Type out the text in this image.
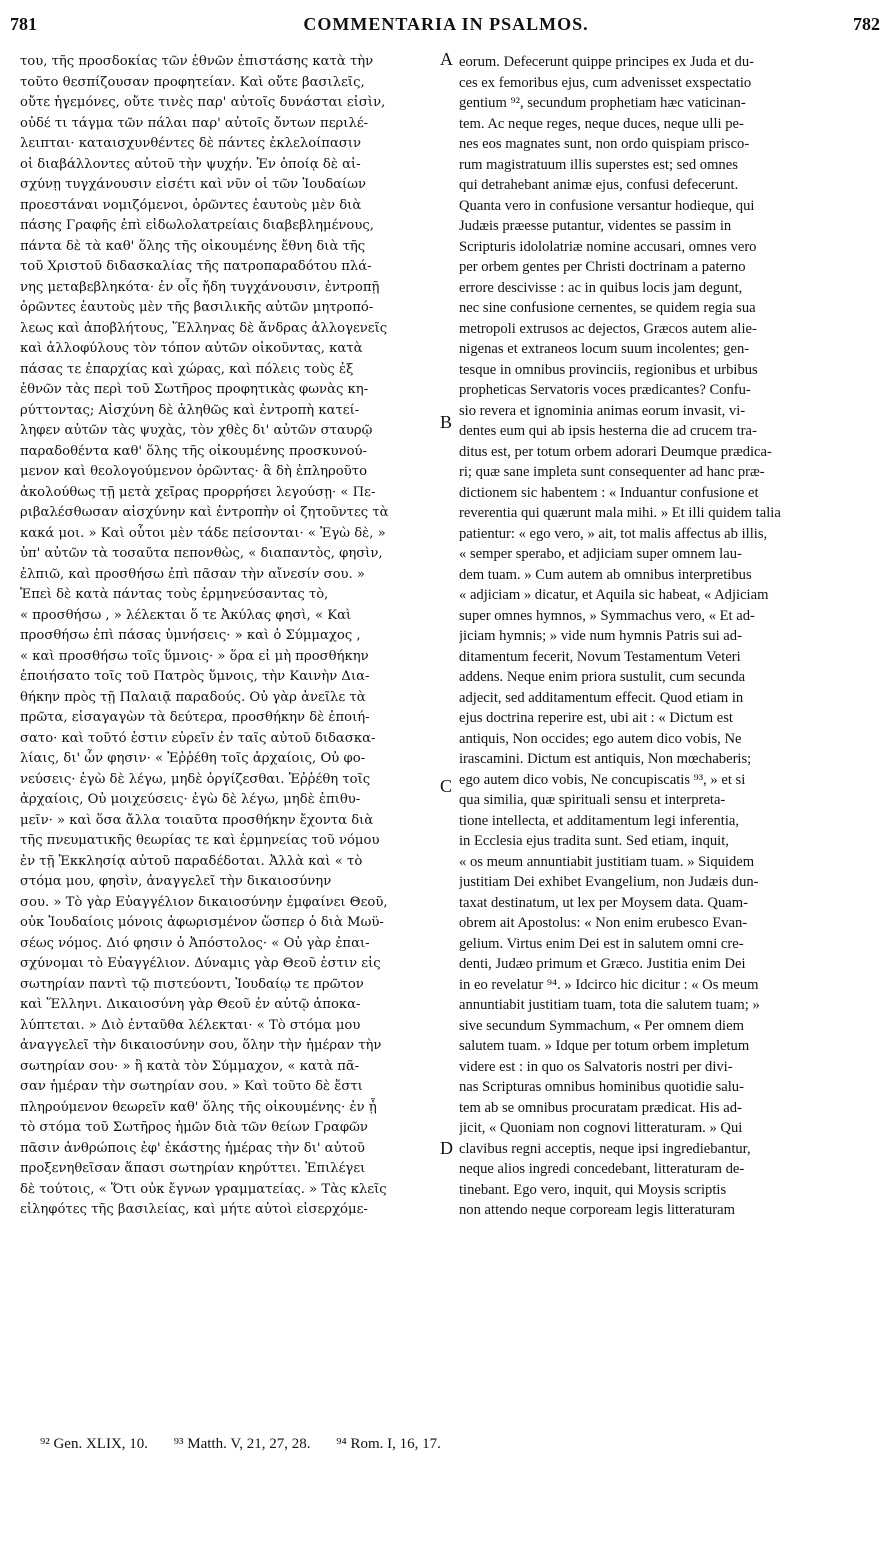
781	COMMENTARIA IN PSALMOS.	782
του, τῆς προσδοκίας τῶν ἐθνῶν ἐπιστάσης κατὰ τὴν
τοῦτο θεσπίζουσαν προφητείαν. Καὶ οὔτε βασιλεῖς,
οὔτε ἡγεμόνες, οὔτε τινὲς παρ' αὐτοῖς δυνάσται εἰσὶν,
οὐδέ τι τάγμα τῶν πάλαι παρ' αὐτοῖς ὄντων περιλέ-
λειπται· καταισχυνθέντες δὲ πάντες ἐκλελοίπασιν
οἱ διαβάλλοντες αὐτοῦ τὴν ψυχήν. Ἐν ὁποίᾳ δὲ αἰ-
σχύνῃ τυγχάνουσιν εἰσέτι καὶ νῦν οἱ τῶν Ἰουδαίων
προεστάναι νομιζόμενοι, ὁρῶντες ἑαυτοὺς μὲν διὰ
πάσης Γραφῆς ἐπὶ εἰδωλολατρείαις διαβεβλημένους,
πάντα δὲ τὰ καθ' ὅλης τῆς οἰκουμένης ἔθνη διὰ τῆς
τοῦ Χριστοῦ διδασκαλίας τῆς πατροπαραδότου πλά-
νης μεταβεβληκότα· ἐν οἷς ἤδη τυγχάνουσιν, ἐντροπῇ
ὁρῶντες ἑαυτοὺς μὲν τῆς βασιλικῆς αὐτῶν μητροπό-
λεως καὶ ἀποβλήτους, Ἕλληνας δὲ ἄνδρας ἀλλογενεῖς
καὶ ἀλλοφύλους τὸν τόπον αὐτῶν οἰκοῦντας, κατὰ
πάσας τε ἐπαρχίας καὶ χώρας, καὶ πόλεις τοὺς ἐξ
ἐθνῶν τὰς περὶ τοῦ Σωτῆρος προφητικὰς φωνὰς κη-
ρύττοντας; Αἰσχύνη δὲ ἀληθῶς καὶ ἐντροπὴ κατεί-
ληφεν αὐτῶν τὰς ψυχὰς, τὸν χθὲς δι' αὐτῶν σταυρῷ
παραδοθέντα καθ' ὅλης τῆς οἰκουμένης προσκυνού-
μενον καὶ θεολογούμενον ὁρῶντας· ἃ δὴ ἐπληροῦτο
ἀκολούθως τῇ μετὰ χεῖρας προρρήσει λεγούσῃ· « Πε-
ριβαλέσθωσαν αἰσχύνην καὶ ἐντροπὴν οἱ ζητοῦντες τὰ
κακά μοι. » Καὶ οὗτοι μὲν τάδε πείσονται· « Ἐγὼ δὲ, »
ὑπ' αὐτῶν τὰ τοσαῦτα πεπονθὼς, « διαπαντὸς, φησὶν,
ἐλπιῶ, καὶ προσθήσω ἐπὶ πᾶσαν τὴν αἴνεσίν σου. »
Ἐπεὶ δὲ κατὰ πάντας τοὺς ἑρμηνεύσαντας τὸ,
« προσθήσω , » λέλεκται ὅ τε Ἀκύλας φησὶ, « Καὶ
προσθήσω ἐπὶ πάσας ὑμνήσεις· » καὶ ὁ Σύμμαχος ,
« καὶ προσθήσω τοῖς ὕμνοις· » ὅρα εἰ μὴ προσθήκην
ἐποιήσατο τοῖς τοῦ Πατρὸς ὕμνοις, τὴν Καινὴν Δια-
θήκην πρὸς τῇ Παλαιᾷ παραδούς. Οὐ γὰρ ἀνεῖλε τὰ
πρῶτα, εἰσαγαγὼν τὰ δεύτερα, προσθήκην δὲ ἐποιή-
σατο· καὶ τοῦτό ἐστιν εὑρεῖν ἐν ταῖς αὐτοῦ διδασκα-
λίαις, δι' ὧν φησιν· « Ἐῤῥέθη τοῖς ἀρχαίοις, Οὐ φο-
νεύσεις· ἐγὼ δὲ λέγω, μηδὲ ὀργίζεσθαι. Ἐῤῥέθη τοῖς
ἀρχαίοις, Οὐ μοιχεύσεις· ἐγὼ δὲ λέγω, μηδὲ ἐπιθυ-
μεῖν· » καὶ ὅσα ἄλλα τοιαῦτα προσθήκην ἔχοντα διὰ
τῆς πνευματικῆς θεωρίας τε καὶ ἑρμηνείας τοῦ νόμου
ἐν τῇ Ἐκκλησίᾳ αὐτοῦ παραδέδοται. Ἀλλὰ καὶ « τὸ
στόμα μου, φησὶν, ἀναγγελεῖ τὴν δικαιοσύνην
σου. » Τὸ γὰρ Εὐαγγέλιον δικαιοσύνην ἐμφαίνει Θεοῦ,
οὐκ Ἰουδαίοις μόνοις ἀφωρισμένον ὥσπερ ὁ διὰ Μωϋ-
σέως νόμος. Διό φησιν ὁ Ἀπόστολος· « Οὐ γὰρ ἐπαι-
σχύνομαι τὸ Εὐαγγέλιον. Δύναμις γὰρ Θεοῦ ἐστιν εἰς
σωτηρίαν παντὶ τῷ πιστεύοντι, Ἰουδαίῳ τε πρῶτον
καὶ Ἕλληνι. Δικαιοσύνη γὰρ Θεοῦ ἐν αὐτῷ ἀποκα-
λύπτεται. » Διὸ ἐνταῦθα λέλεκται· « Τὸ στόμα μου
ἀναγγελεῖ τὴν δικαιοσύνην σου, ὅλην τὴν ἡμέραν τὴν
σωτηρίαν σου· » ἢ κατὰ τὸν Σύμμαχον, « κατὰ πᾶ-
σαν ἡμέραν τὴν σωτηρίαν σου. » Καὶ τοῦτο δὲ ἔστι
πληρούμενον θεωρεῖν καθ' ὅλης τῆς οἰκουμένης· ἐν ᾗ
τὸ στόμα τοῦ Σωτῆρος ἡμῶν διὰ τῶν θείων Γραφῶν
πᾶσιν ἀνθρώποις ἐφ' ἑκάστης ἡμέρας τὴν δι' αὐτοῦ
προξενηθεῖσαν ἅπασι σωτηρίαν κηρύττει. Ἐπιλέγει
δὲ τούτοις, « Ὅτι οὐκ ἔγνων γραμματείας. » Τὰς κλεῖς
εἰληφότες τῆς βασιλείας, καὶ μήτε αὐτοὶ εἰσερχόμε-
eorum. Defecerunt quippe principes ex Juda et du-
ces ex femoribus ejus, cum advenisset exspectatio
gentium ⁹², secundum prophetiam hæc vaticinan-
tem. Ac neque reges, neque duces, neque ulli pe-
nes eos magnates sunt, non ordo quispiam prisco-
rum magistratuum illis superstes est; sed omnes
qui detrahebant animæ ejus, confusi defecerunt.
Quanta vero in confusione versantur hodieque, qui
Judæis præesse putantur, videntes se passim in
Scripturis idololatriæ nomine accusari, omnes vero
per orbem gentes per Christi doctrinam a paterno
errore descivisse : ac in quibus locis jam degunt,
nec sine confusione cernentes, se quidem regia sua
metropoli extrusos ac dejectos, Græcos autem alie-
nigenas et extraneos locum suum incolentes; gen-
tesque in omnibus provinciis, regionibus et urbibus
propheticas Servatoris voces prædicantes? Confu-
sio revera et ignominia animas eorum invasit, vi-
dentes eum qui ab ipsis hesterna die ad crucem tra-
ditus est, per totum orbem adorari Deumque prædica-
ri; quæ sane impleta sunt consequenter ad hanc præ-
dictionem sic habentem : « Induantur confusione et
reverentia qui quærunt mala mihi. » Et illi quidem talia
patientur: « ego vero, » ait, tot malis affectus ab illis,
« semper sperabo, et adjiciam super omnem lau-
dem tuam. » Cum autem ab omnibus interpretibus
« adjiciam » dicatur, et Aquila sic habeat, « Adjiciam
super omnes hymnos, » Symmachus vero, « Et ad-
jiciam hymnis; » vide num hymnis Patris sui ad-
ditamentum fecerit, Novum Testamentum Veteri
addens. Neque enim priora sustulit, cum secunda
adjecit, sed additamentum effecit. Quod etiam in
ejus doctrina reperire est, ubi ait : « Dictum est
antiquis, Non occides; ego autem dico vobis, Ne
irascamini. Dictum est antiquis, Non mœchaberis;
ego autem dico vobis, Ne concupiscatis ⁹³, » et si
qua similia, quæ spirituali sensu et interpreta-
tione intellecta, et additamentum legi inferentia,
in Ecclesia ejus tradita sunt. Sed etiam, inquit,
« os meum annuntiabit justitiam tuam. » Siquidem
justitiam Dei exhibet Evangelium, non Judæis dun-
taxat destinatum, ut lex per Moysem data. Quam-
obrem ait Apostolus: « Non enim erubesco Evan-
gelium. Virtus enim Dei est in salutem omni cre-
denti, Judæo primum et Græco. Justitia enim Dei
in eo revelatur ⁹⁴. » Idcirco hic dicitur : « Os meum
annuntiabit justitiam tuam, tota die salutem tuam; »
sive secundum Symmachum, « Per omnem diem
salutem tuam. » Idque per totum orbem impletum
videre est : in quo os Salvatoris nostri per divi-
nas Scripturas omnibus hominibus quotidie salu-
tem ab se omnibus procuratam prædicat. His ad-
jicit, « Quoniam non cognovi litteraturam. » Qui
clavibus regni acceptis, neque ipsi ingrediebantur,
neque alios ingredi concedebant, litteraturam de-
tinebant. Ego vero, inquit, qui Moysis scriptis
non attendo neque corpoream legis litteraturam
A
B
C
D
⁹² Gen. XLIX, 10. ⁹³ Matth. V, 21, 27, 28. ⁹⁴ Rom. I, 16, 17.
